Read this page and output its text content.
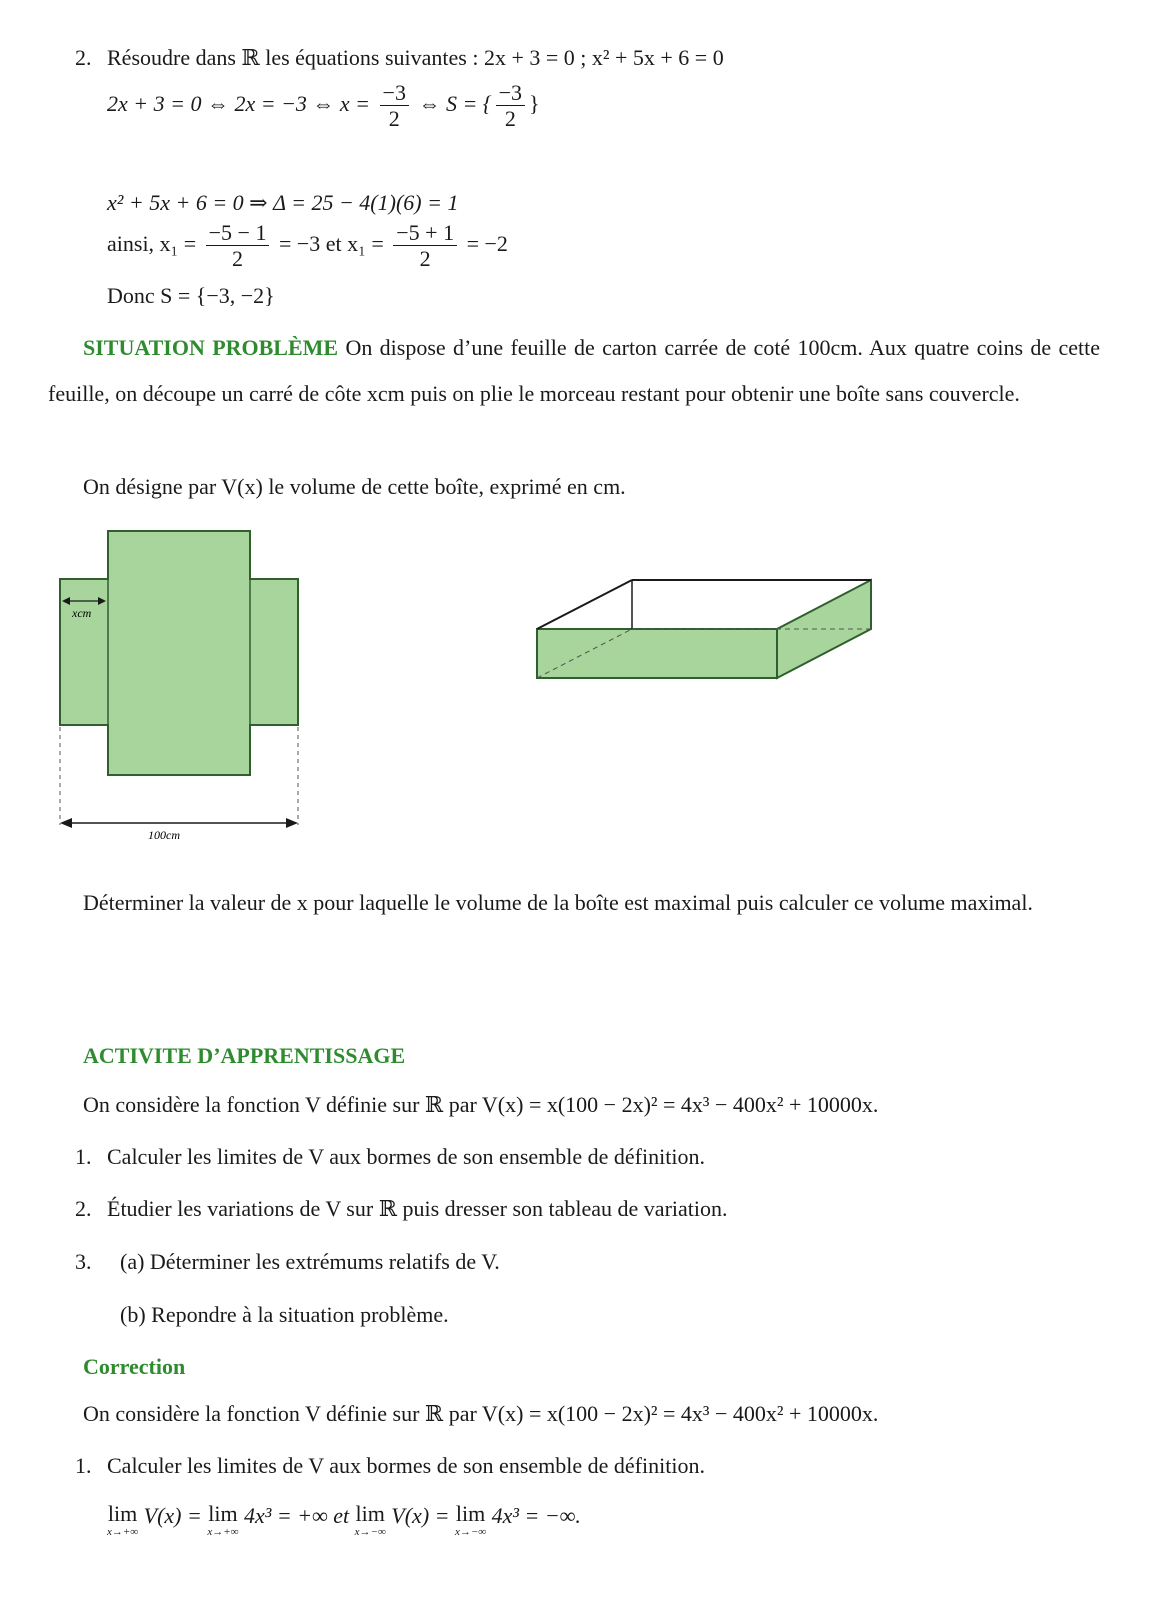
2. Résoudre dans ℝ les équations suivantes : 2x + 3 = 0 ; x² + 5x + 6 = 0
2x + 3 = 0 ⇔ 2x = −3 ⇔ $x = \frac{-3}{2}$ ⇔ S = { $\frac{-3}{2}$ }
x² + 5x + 6 = 0 ⇒ Δ = 25 − 4(1)(6) = 1
ainsi, $x_1 = \frac{-5 - 1}{2} = -3$ et $x_1 = \frac{-5 + 1}{2} = -2$
Donc S = {−3, −2}
SITUATION PROBLÈME On dispose d’une feuille de carton carrée de coté 100cm. Aux quatre coins de cette feuille, on découpe un carré de côte xcm puis on plie le morceau restant pour obtenir une boîte sans couvercle.
On désigne par V(x) le volume de cette boîte, exprimé en cm.
xcm
100cm
Déterminer la valeur de x pour laquelle le volume de la boîte est maximal puis calculer ce volume maximal.
ACTIVITE D’APPRENTISSAGE
On considère la fonction V définie sur ℝ par V(x) = x(100 − 2x)² = 4x³ − 400x² + 10000x.
1. Calculer les limites de V aux bormes de son ensemble de définition.
2. Étudier les variations de V sur ℝ puis dresser son tableau de variation.
3. (a) Déterminer les extrémums relatifs de V.
(b) Repondre à la situation problème.
Correction
On considère la fonction V définie sur ℝ par V(x) = x(100 − 2x)² = 4x³ − 400x² + 10000x.
1. Calculer les limites de V aux bormes de son ensemble de définition.
lim
x→+∞
V(x) = lim
x→+∞
4x³ = +∞ et lim
x→−∞
V(x) = lim
x→−∞
4x³ = −∞.
